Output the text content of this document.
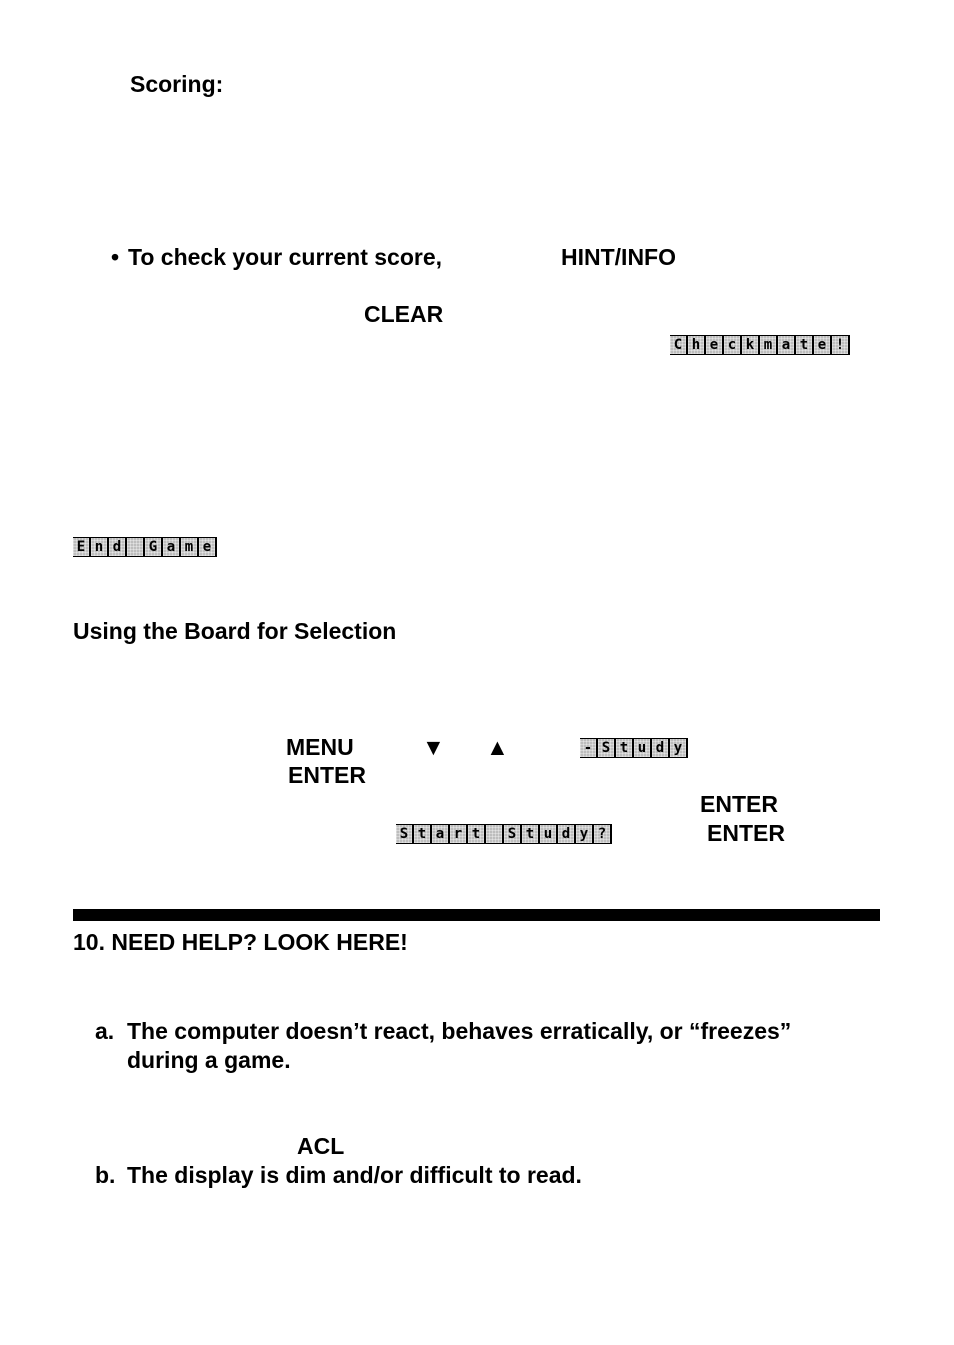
Scoring:
• To check your current score,	HINT/INFO
CLEAR
C h e c k m a t e !
E n d
G a m e
Using the Board for Selection
MENU	▼ ▲	- S t u d y
ENTER
ENTER
S t a r t
S t u d y ?	ENTER
10. NEED HELP? LOOK HERE!
a. The computer doesn’t react, behaves erratically, or “freezes”
during a game.
ACL
b. The display is dim and/or difficult to read.
